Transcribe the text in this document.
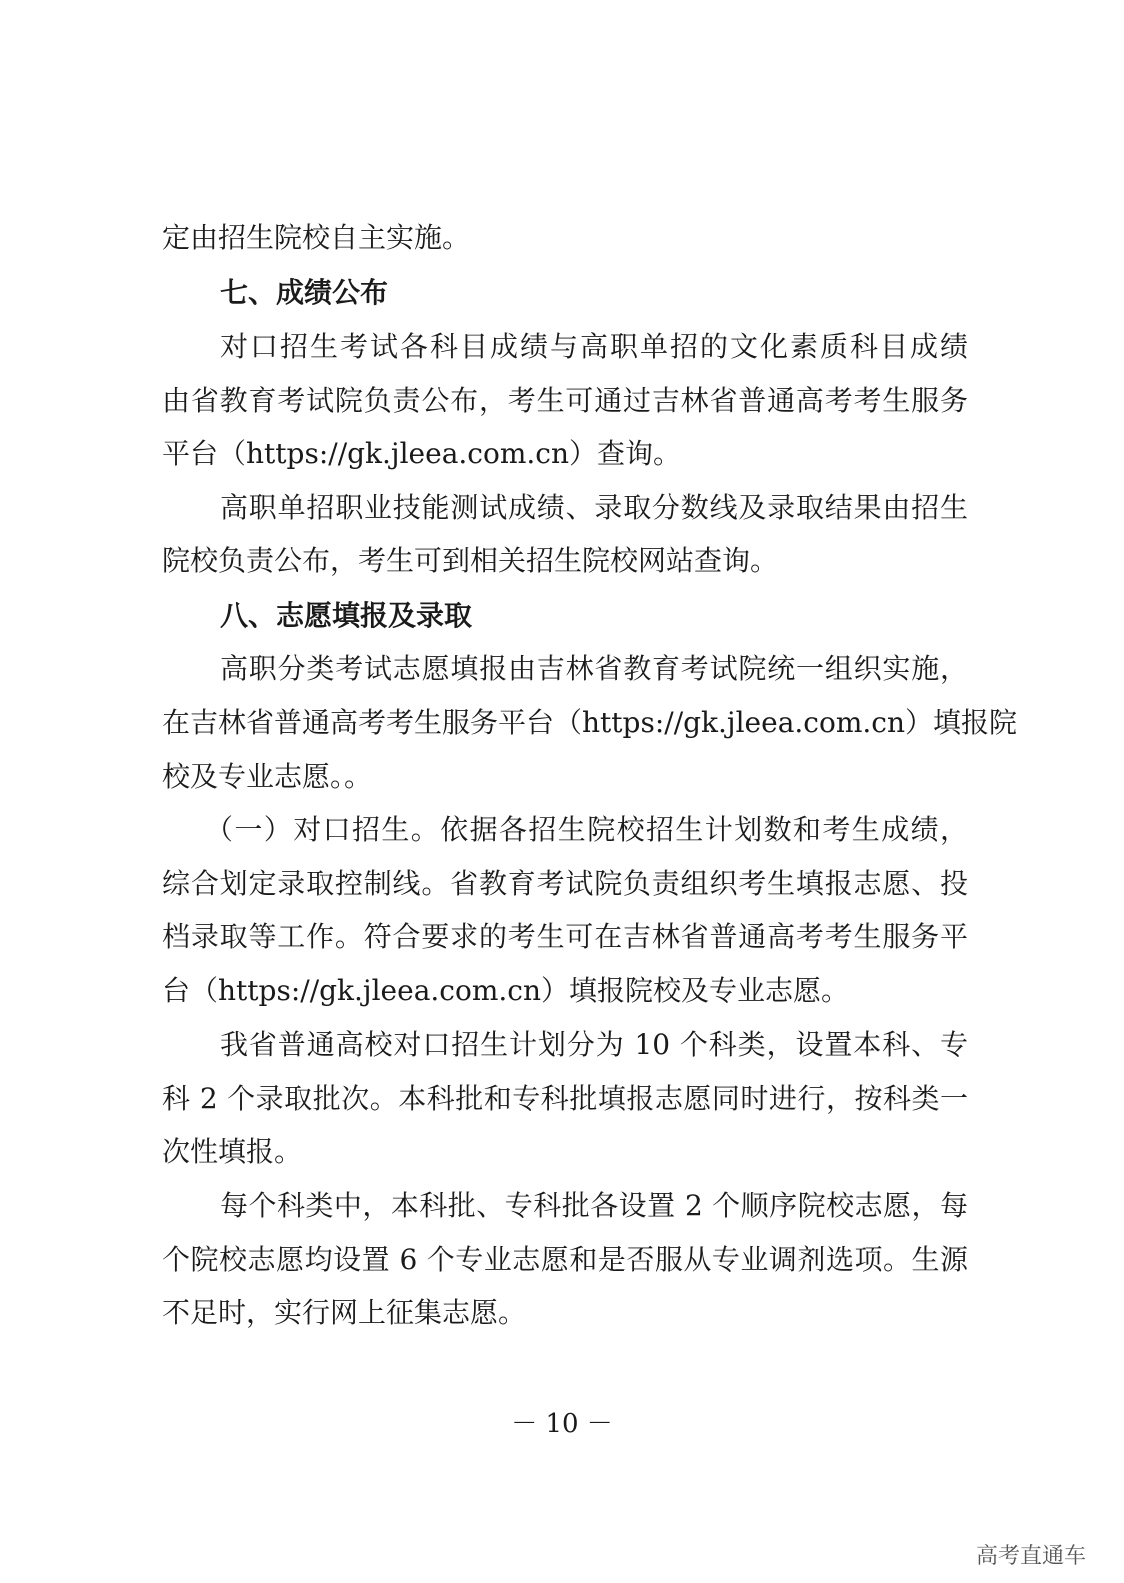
定由招生院校自主实施。
七、成绩公布
对口招生考试各科目成绩与高职单招的文化素质科目成绩
由省教育考试院负责公布，考生可通过吉林省普通高考考生服务
平台（https://gk.jleea.com.cn）查询。
高职单招职业技能测试成绩、录取分数线及录取结果由招生
院校负责公布，考生可到相关招生院校网站查询。
八、志愿填报及录取
高职分类考试志愿填报由吉林省教育考试院统一组织实施，
在吉林省普通高考考生服务平台（https://gk.jleea.com.cn）填报院
校及专业志愿。。
（一）对口招生。依据各招生院校招生计划数和考生成绩，
综合划定录取控制线。省教育考试院负责组织考生填报志愿、投
档录取等工作。符合要求的考生可在吉林省普通高考考生服务平
台（https://gk.jleea.com.cn）填报院校及专业志愿。
我省普通高校对口招生计划分为 10 个科类，设置本科、专
科 2 个录取批次。本科批和专科批填报志愿同时进行，按科类一
次性填报。
每个科类中，本科批、专科批各设置 2 个顺序院校志愿，每
个院校志愿均设置 6 个专业志愿和是否服从专业调剂选项。生源
不足时，实行网上征集志愿。
－ 10 －
高考直通车
